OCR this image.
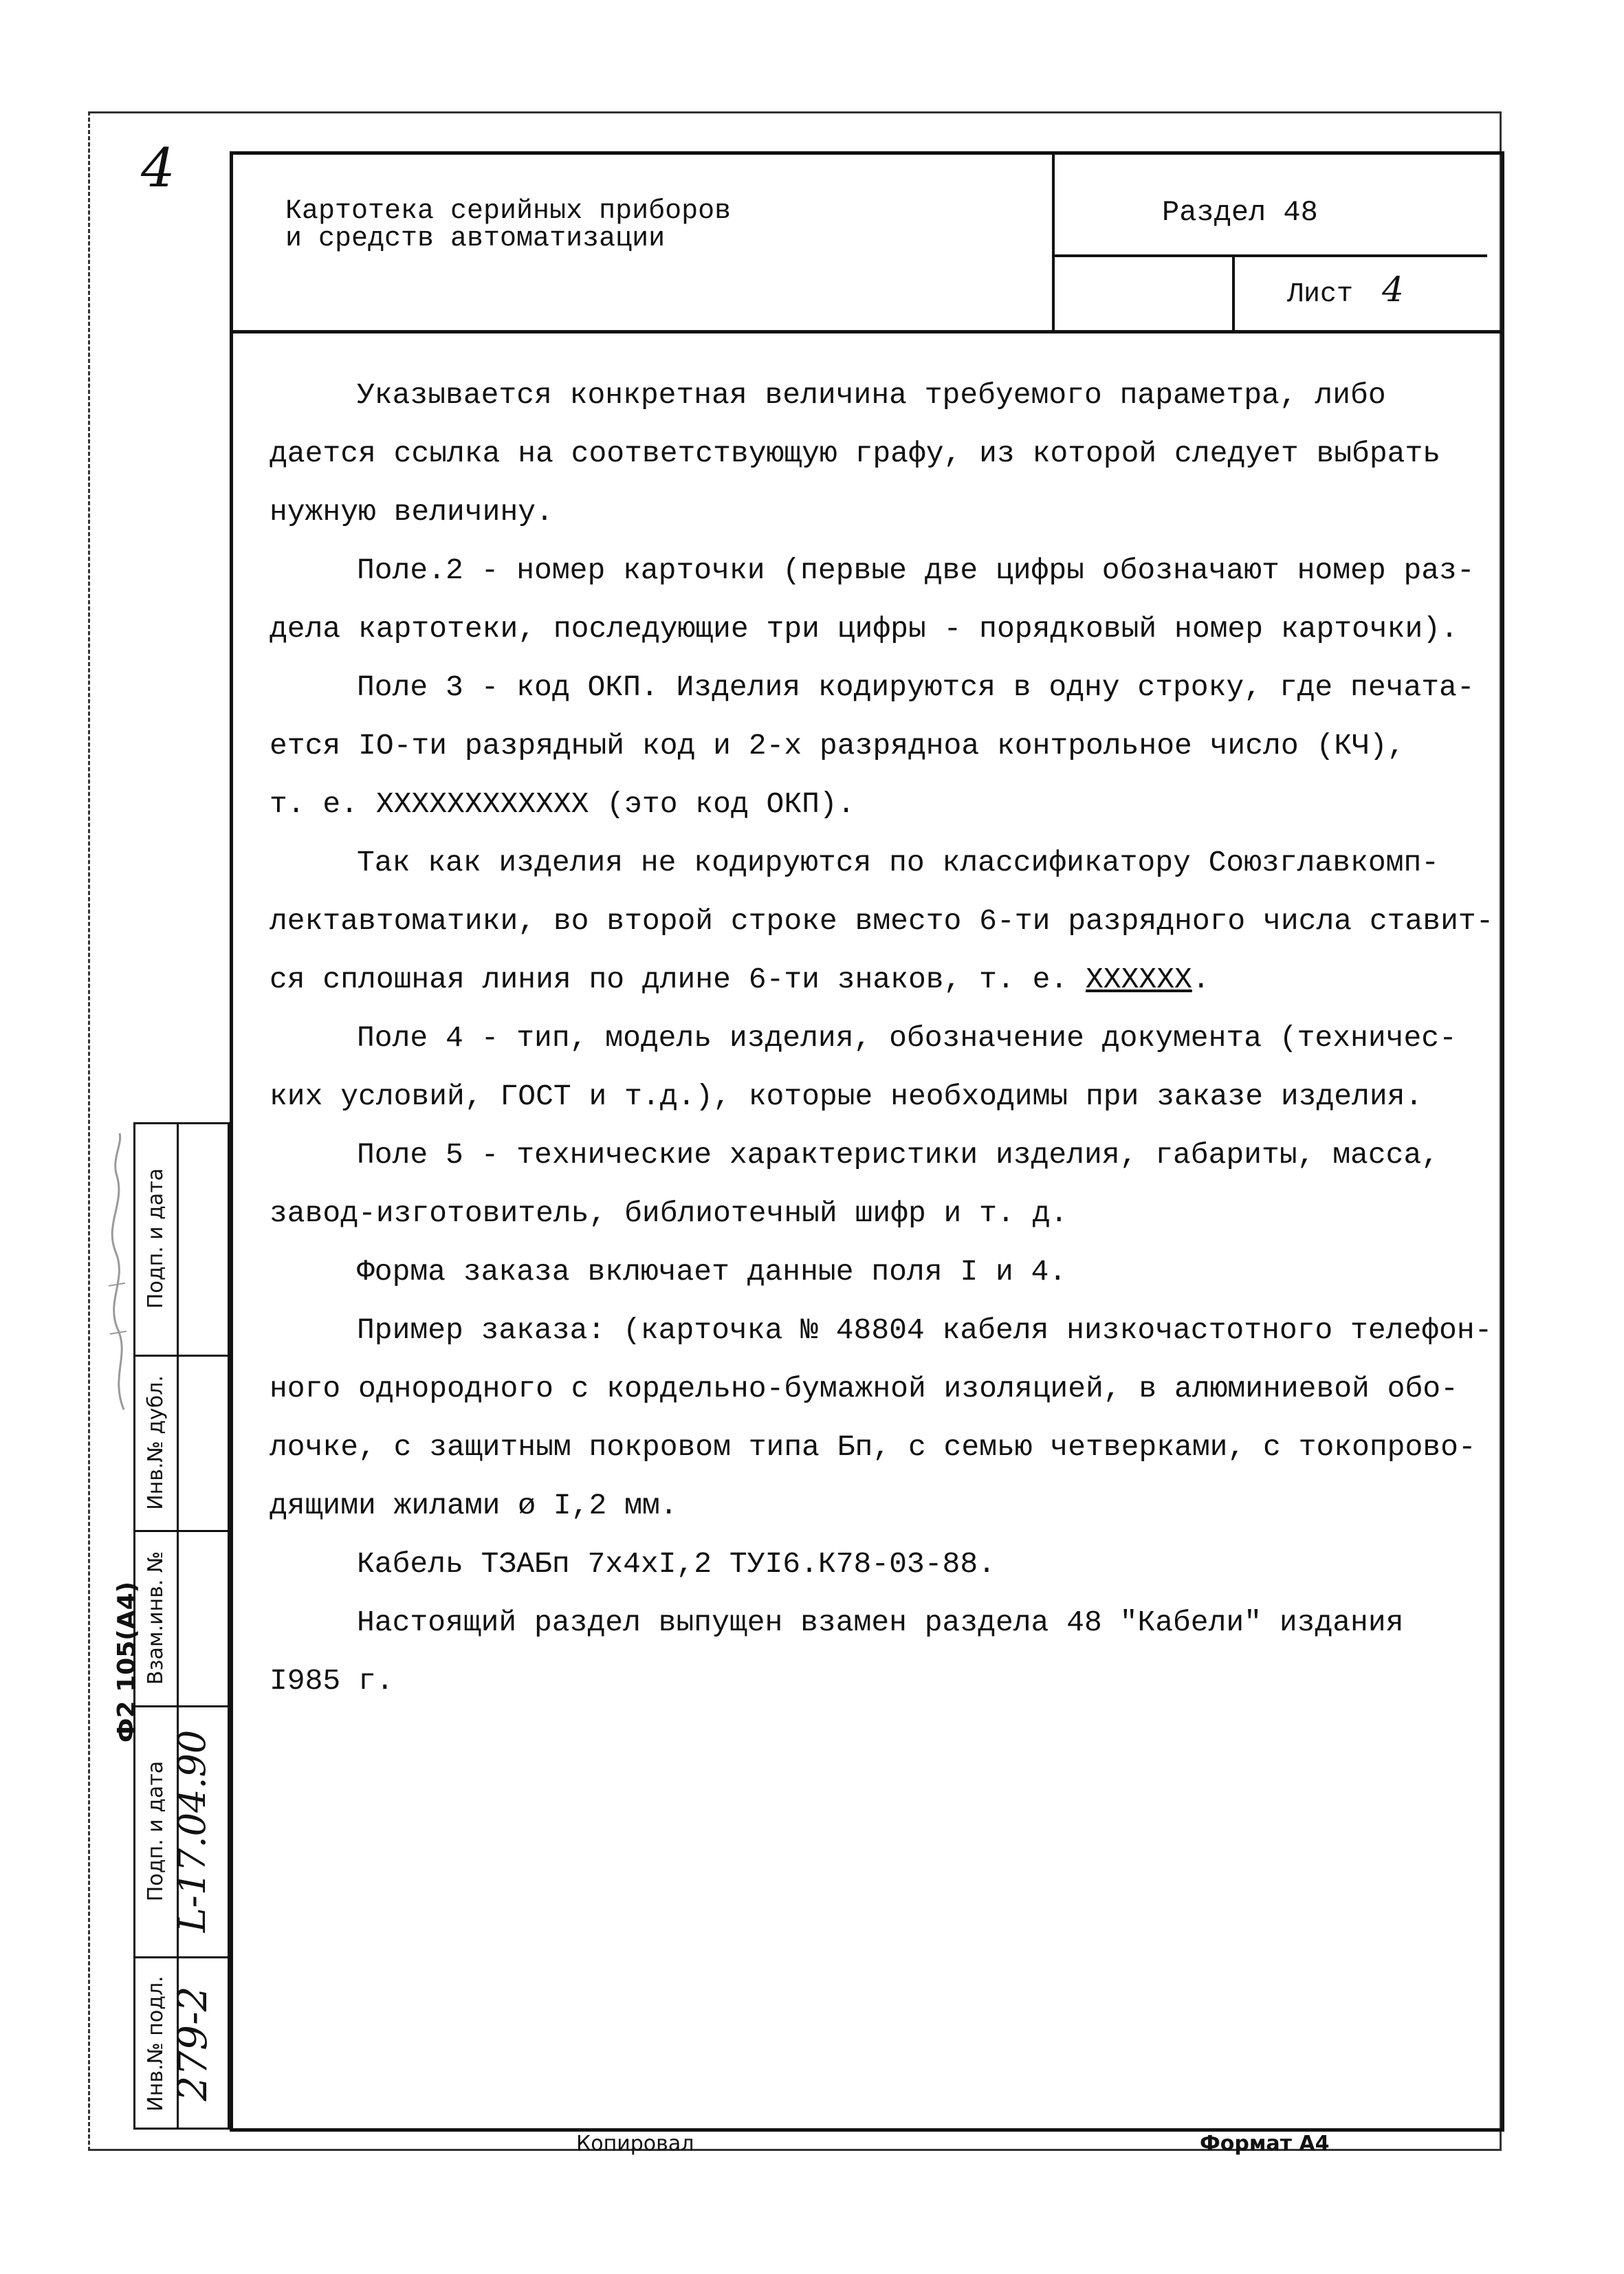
4
Картотека серийных приборов
и средств автоматизации
Раздел 48
Лист 4

Указывается конкретная величина требуемого параметра, либо

дается ссылка на соответствующую графу, из которой следует выбрать

нужную величину.

Поле.2 - номер карточки (первые две цифры обозначают номер раз-

дела картотеки, последующие три цифры - порядковый номер карточки).

Поле 3 - код ОКП. Изделия кодируются в одну строку, где печата-

ется IO-ти разрядный код и 2-х разрядноа контрольное число (КЧ),

т. е. ХХХХХХХХХХХХ (это код ОКП).

Так как изделия не кодируются по классификатору Союзглавкомп-

лектавтоматики, во второй строке вместо 6-ти разрядного числа ставит-

ся сплошная линия по длине 6-ти знаков, т. е. ХХХХХХ.

Поле 4 - тип, модель изделия, обозначение документа (техничес-

ких условий, ГОСТ и т.д.), которые необходимы при заказе изделия.

Поле 5 - технические характеристики изделия, габариты, масса,

завод-изготовитель, библиотечный шифр и т. д.

Форма заказа включает данные поля I и 4.

Пример заказа: (карточка № 48804 кабеля низкочастотного телефон-

ного однородного с кордельно-бумажной изоляцией, в алюминиевой обо-

лочке, с защитным покровом типа Бп, с семью четверками, с токопрово-

дящими жилами ø I,2 мм.

Кабель ТЗАБп 7х4хI,2 ТУI6.К78-03-88.

Настоящий раздел выпущен взамен раздела 48 "Кабели" издания

I985 г.

Инв.№ подл.
Подп. и дата
Взам.инв. №
Инв.№ дубл.
Подп. и дата
279-2
L-17.04.90
Ф2 105(А4)
Копировал	Формат А4
